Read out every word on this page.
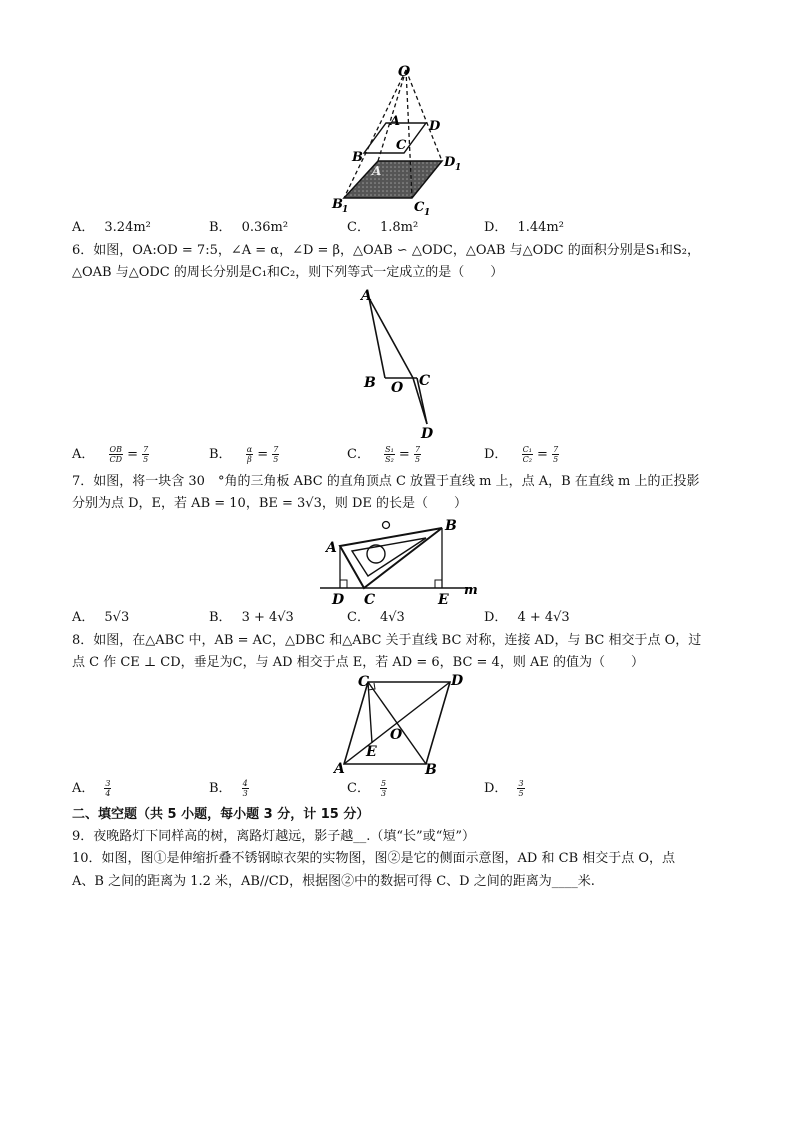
O
A D
C
B
A
D 1
B 1	C 1
A． 3.24m²	B． 0.36m²	C． 1.8m²	D． 1.44m²
6．如图，OA:OD = 7:5，∠A = α，∠D = β，△OAB ∽ △ODC，△OAB 与△ODC 的面积分别是S₁和S₂，
△OAB 与△ODC 的周长分别是C₁和C₂，则下列等式一定成立的是（　　）
A
B O C
D
A． $\frac{OB}{CD} = \frac{7}{5}$	B． $\frac{\alpha}{\beta} = \frac{7}{5}$	C． $\frac{\text{S₁}}{\text{S₂}} = \frac{7}{5}$	D． $\frac{\text{C₁}}{\text{C₂}} = \frac{7}{5}$
7．如图，将一块含 30　°角的三角板 ABC 的直角顶点 C 放置于直线 m 上，点 A，B 在直线 m 上的正投影
分别为点 D，E，若 AB = 10，BE = 3√3，则 DE 的长是（　　）
A
B
D C	E
m
A． 5√3	B． 3 + 4√3	C． 4√3	D． 4 + 4√3
8．如图，在△ABC 中，AB = AC，△DBC 和△ABC 关于直线 BC 对称，连接 AD，与 BC 相交于点 O，过
点 C 作 CE ⊥ CD，垂足为C，与 AD 相交于点 E，若 AD = 6，BC = 4，则 AE 的值为（　　）
C	D
O
E
A	B
A． $\frac{3}{4}$	B． $\frac{4}{3}$	C． $\frac{5}{3}$	D． $\frac{3}{5}$
二、填空题（共 5 小题，每小题 3 分，计 15 分）
9．夜晚路灯下同样高的树，离路灯越远，影子越__.（填“长”或“短”）
10．如图，图①是伸缩折叠不锈钢晾衣架的实物图，图②是它的侧面示意图，AD 和 CB 相交于点 O，点
A、B 之间的距离为 1.2 米，AB//CD，根据图②中的数据可得 C、D 之间的距离为____米.
